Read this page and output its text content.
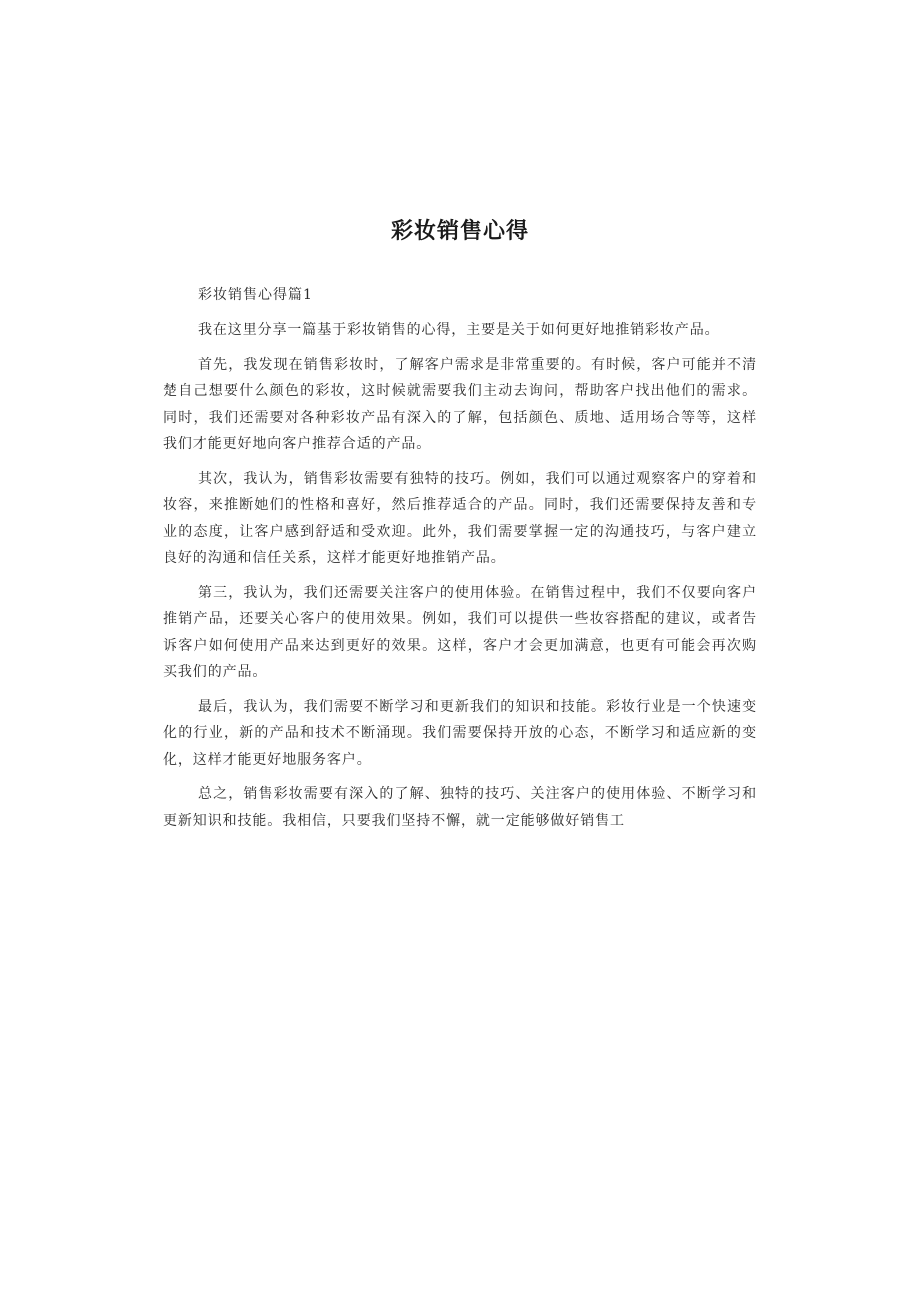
彩妆销售心得

彩妆销售心得篇1

我在这里分享一篇基于彩妆销售的心得，主要是关于如何更好地推销彩妆产品。

首先，我发现在销售彩妆时，了解客户需求是非常重要的。有时候，客户可能并不清楚自己想要什么颜色的彩妆，这时候就需要我们主动去询问，帮助客户找出他们的需求。同时，我们还需要对各种彩妆产品有深入的了解，包括颜色、质地、适用场合等等，这样我们才能更好地向客户推荐合适的产品。

其次，我认为，销售彩妆需要有独特的技巧。例如，我们可以通过观察客户的穿着和妆容，来推断她们的性格和喜好，然后推荐适合的产品。同时，我们还需要保持友善和专业的态度，让客户感到舒适和受欢迎。此外，我们需要掌握一定的沟通技巧，与客户建立良好的沟通和信任关系，这样才能更好地推销产品。

第三，我认为，我们还需要关注客户的使用体验。在销售过程中，我们不仅要向客户推销产品，还要关心客户的使用效果。例如，我们可以提供一些妆容搭配的建议，或者告诉客户如何使用产品来达到更好的效果。这样，客户才会更加满意，也更有可能会再次购买我们的产品。

最后，我认为，我们需要不断学习和更新我们的知识和技能。彩妆行业是一个快速变化的行业，新的产品和技术不断涌现。我们需要保持开放的心态，不断学习和适应新的变化，这样才能更好地服务客户。

总之，销售彩妆需要有深入的了解、独特的技巧、关注客户的使用体验、不断学习和更新知识和技能。我相信，只要我们坚持不懈，就一定能够做好销售工
